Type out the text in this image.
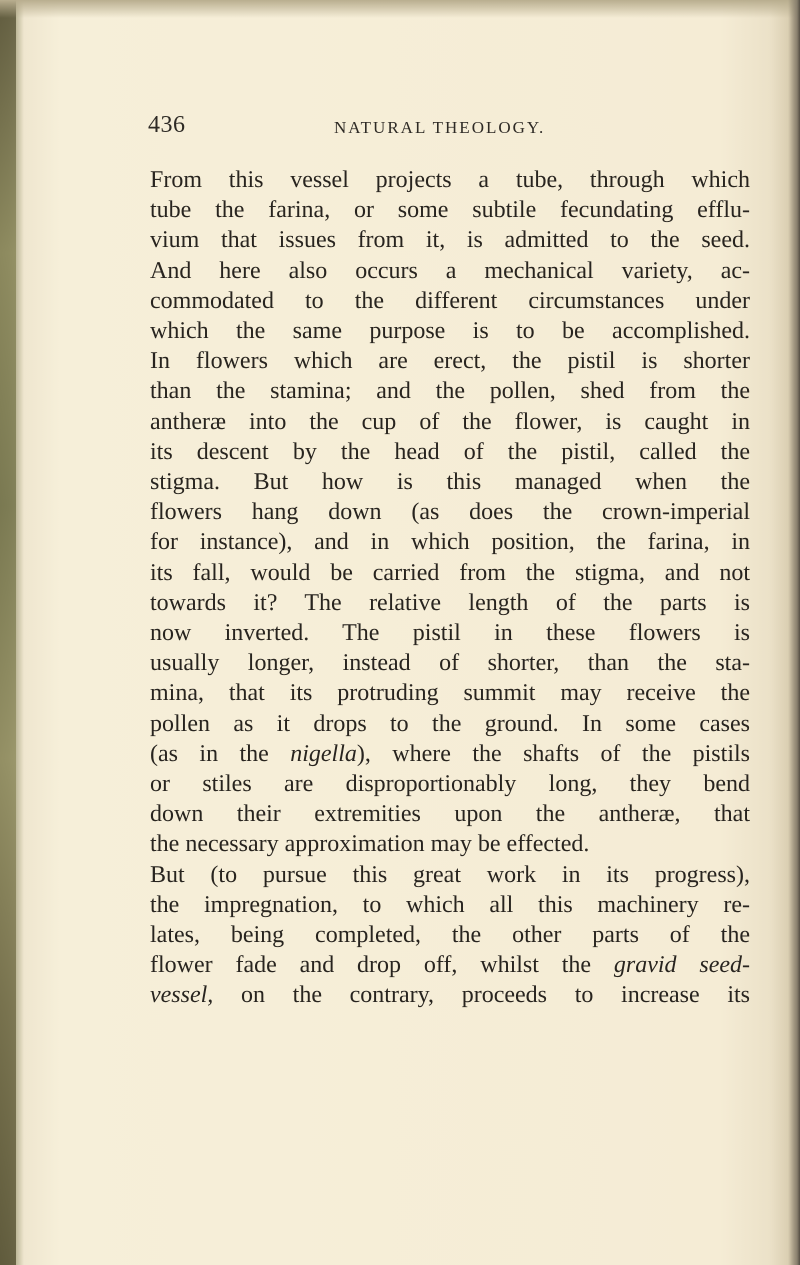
436	NATURAL THEOLOGY.
From this vessel projects a tube, through which
tube the farina, or some subtile fecundating efflu-
vium that issues from it, is admitted to the seed.
And here also occurs a mechanical variety, ac-
commodated to the different circumstances under
which the same purpose is to be accomplished.
In flowers which are erect, the pistil is shorter
than the stamina; and the pollen, shed from the
antheræ into the cup of the flower, is caught in
its descent by the head of the pistil, called the
stigma. But how is this managed when the
flowers hang down (as does the crown-imperial
for instance), and in which position, the farina, in
its fall, would be carried from the stigma, and not
towards it? The relative length of the parts is
now inverted. The pistil in these flowers is
usually longer, instead of shorter, than the sta-
mina, that its protruding summit may receive the
pollen as it drops to the ground. In some cases
(as in the nigella), where the shafts of the pistils
or stiles are disproportionably long, they bend
down their extremities upon the antheræ, that
the necessary approximation may be effected.
But (to pursue this great work in its progress),
the impregnation, to which all this machinery re-
lates, being completed, the other parts of the
flower fade and drop off, whilst the gravid seed-
vessel, on the contrary, proceeds to increase its
